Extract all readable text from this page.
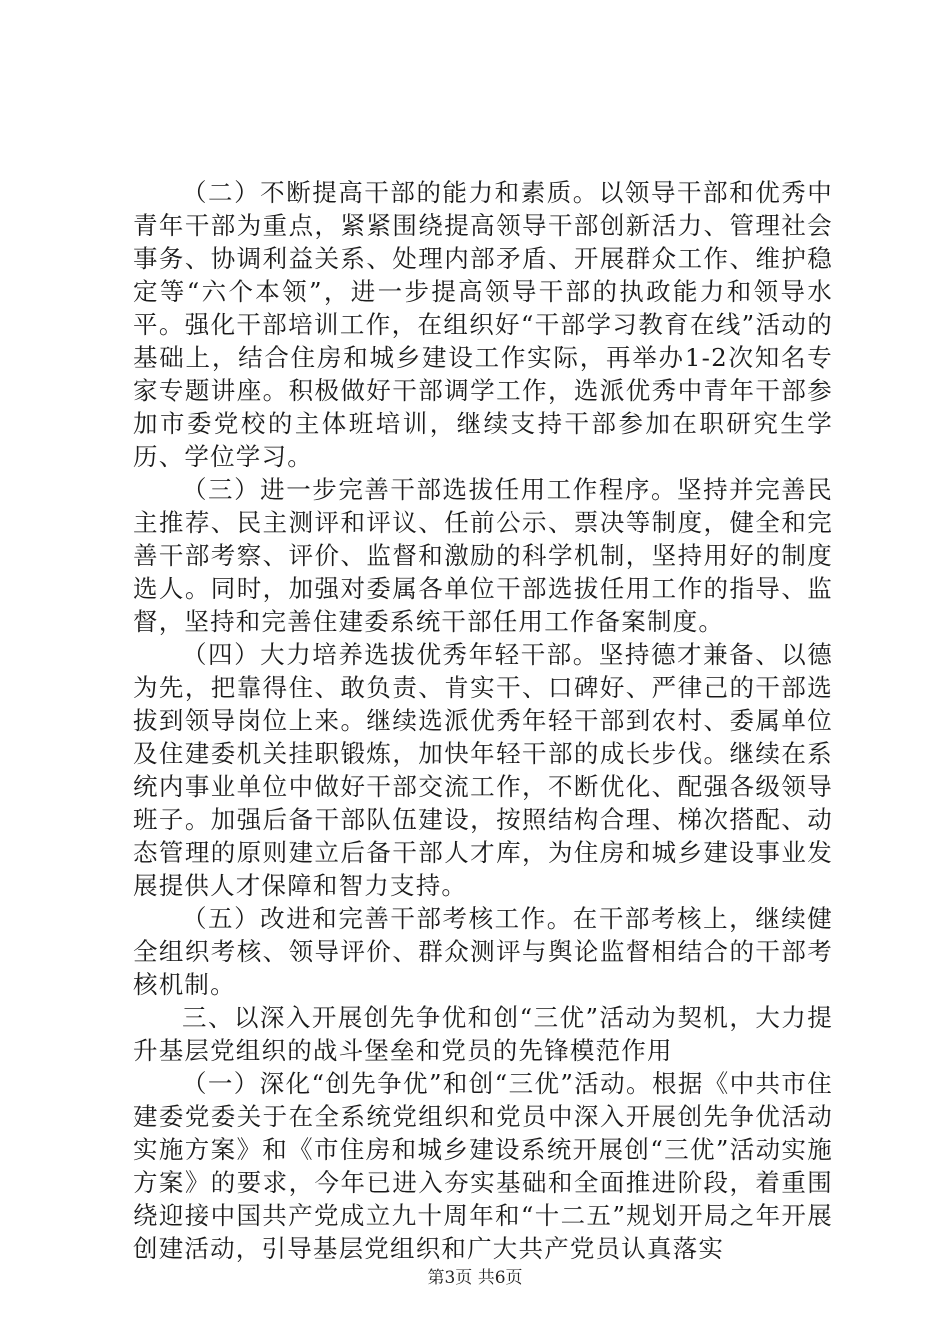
（二）不断提高干部的能力和素质。以领导干部和优秀中青年干部为重点，紧紧围绕提高领导干部创新活力、管理社会事务、协调利益关系、处理内部矛盾、开展群众工作、维护稳定等“六个本领”，进一步提高领导干部的执政能力和领导水平。强化干部培训工作，在组织好“干部学习教育在线”活动的基础上，结合住房和城乡建设工作实际，再举办1-2次知名专家专题讲座。积极做好干部调学工作，选派优秀中青年干部参加市委党校的主体班培训，继续支持干部参加在职研究生学历、学位学习。

（三）进一步完善干部选拔任用工作程序。坚持并完善民主推荐、民主测评和评议、任前公示、票决等制度，健全和完善干部考察、评价、监督和激励的科学机制，坚持用好的制度选人。同时，加强对委属各单位干部选拔任用工作的指导、监督，坚持和完善住建委系统干部任用工作备案制度。

（四）大力培养选拔优秀年轻干部。坚持德才兼备、以德为先，把靠得住、敢负责、肯实干、口碑好、严律己的干部选拔到领导岗位上来。继续选派优秀年轻干部到农村、委属单位及住建委机关挂职锻炼，加快年轻干部的成长步伐。继续在系统内事业单位中做好干部交流工作，不断优化、配强各级领导班子。加强后备干部队伍建设，按照结构合理、梯次搭配、动态管理的原则建立后备干部人才库，为住房和城乡建设事业发展提供人才保障和智力支持。

（五）改进和完善干部考核工作。在干部考核上，继续健全组织考核、领导评价、群众测评与舆论监督相结合的干部考核机制。

三、以深入开展创先争优和创“三优”活动为契机，大力提升基层党组织的战斗堡垒和党员的先锋模范作用

（一）深化“创先争优”和创“三优”活动。根据《中共市住建委党委关于在全系统党组织和党员中深入开展创先争优活动实施方案》和《市住房和城乡建设系统开展创“三优”活动实施方案》的要求，今年已进入夯实基础和全面推进阶段，着重围绕迎接中国共产党成立九十周年和“十二五”规划开局之年开展创建活动，引导基层党组织和广大共产党员认真落实

第3页 共6页
